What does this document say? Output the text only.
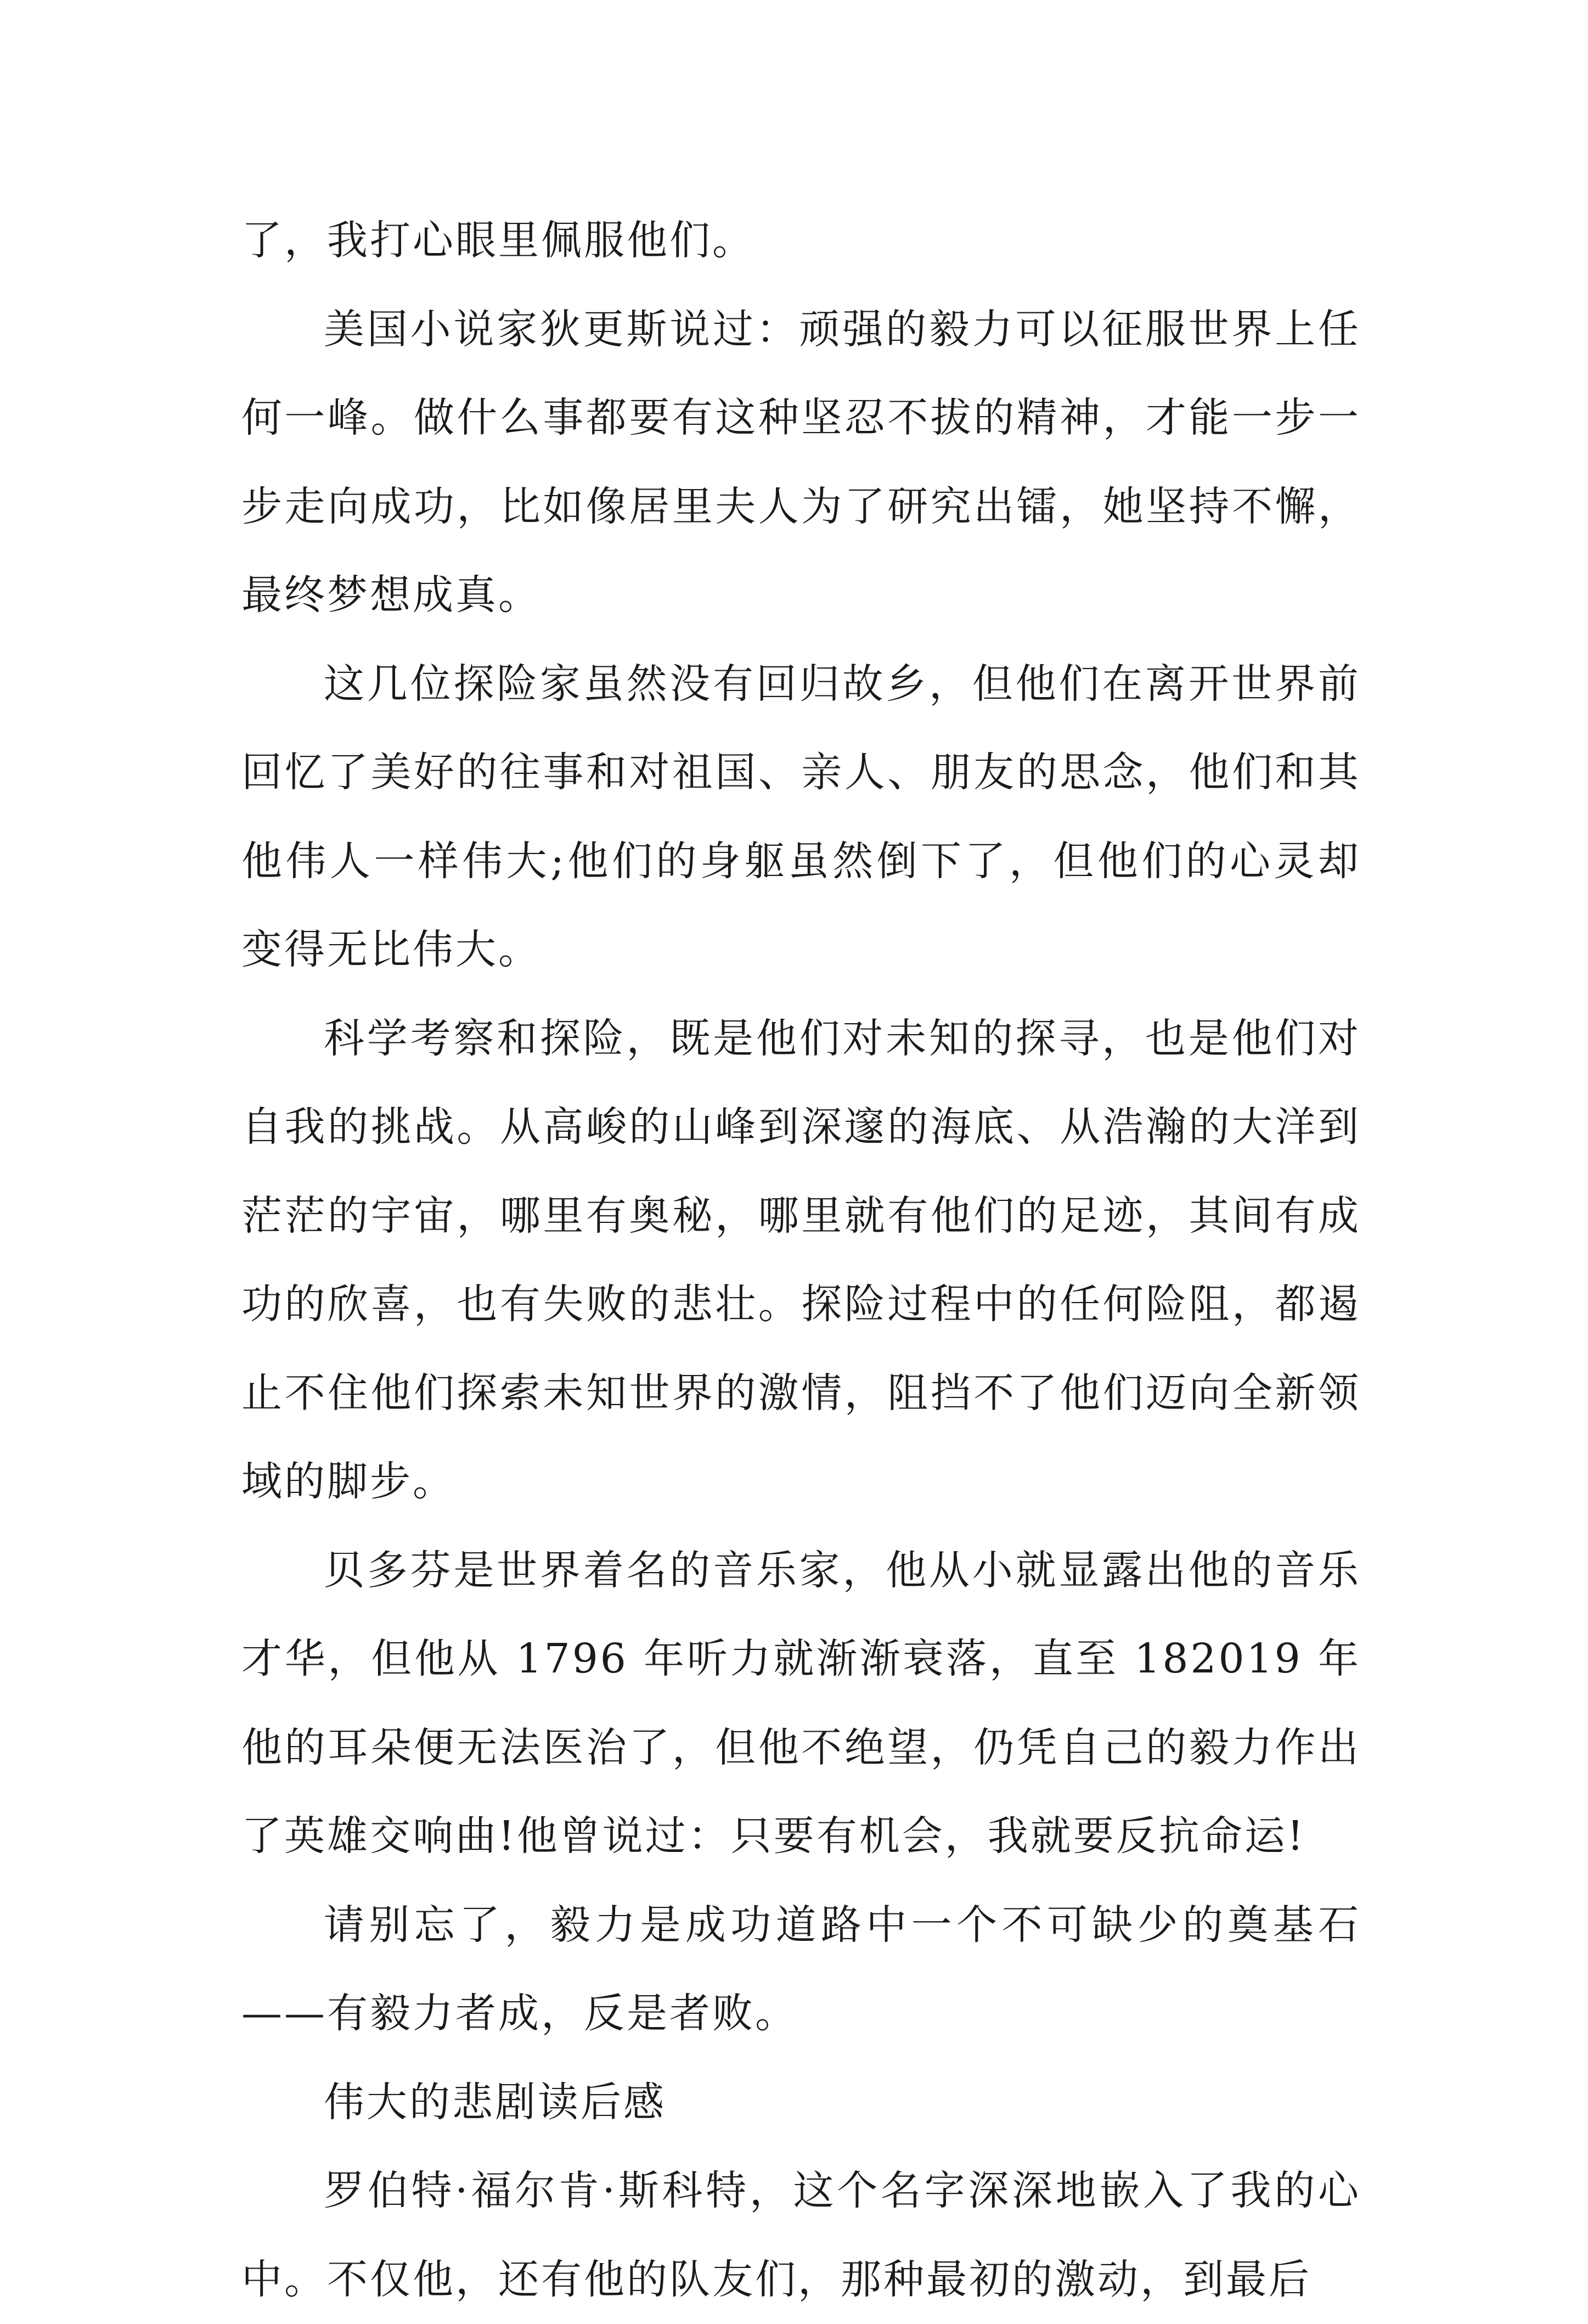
了，我打心眼里佩服他们。

美国小说家狄更斯说过：顽强的毅力可以征服世界上任何一峰。做什么事都要有这种坚忍不拔的精神，才能一步一步走向成功，比如像居里夫人为了研究出镭，她坚持不懈，最终梦想成真。

这几位探险家虽然没有回归故乡，但他们在离开世界前回忆了美好的往事和对祖国、亲人、朋友的思念，他们和其他伟人一样伟大;他们的身躯虽然倒下了，但他们的心灵却变得无比伟大。

科学考察和探险，既是他们对未知的探寻，也是他们对自我的挑战。从高峻的山峰到深邃的海底、从浩瀚的大洋到茫茫的宇宙，哪里有奥秘，哪里就有他们的足迹，其间有成功的欣喜，也有失败的悲壮。探险过程中的任何险阻，都遏止不住他们探索未知世界的激情，阻挡不了他们迈向全新领域的脚步。

贝多芬是世界着名的音乐家，他从小就显露出他的音乐才华，但他从 1796 年听力就渐渐衰落，直至 182019 年他的耳朵便无法医治了，但他不绝望，仍凭自己的毅力作出了英雄交响曲!他曾说过：只要有机会，我就要反抗命运!

请别忘了，毅力是成功道路中一个不可缺少的奠基石——有毅力者成，反是者败。

伟大的悲剧读后感

罗伯特·福尔肯·斯科特，这个名字深深地嵌入了我的心中。不仅他，还有他的队友们，那种最初的激动，到最后
